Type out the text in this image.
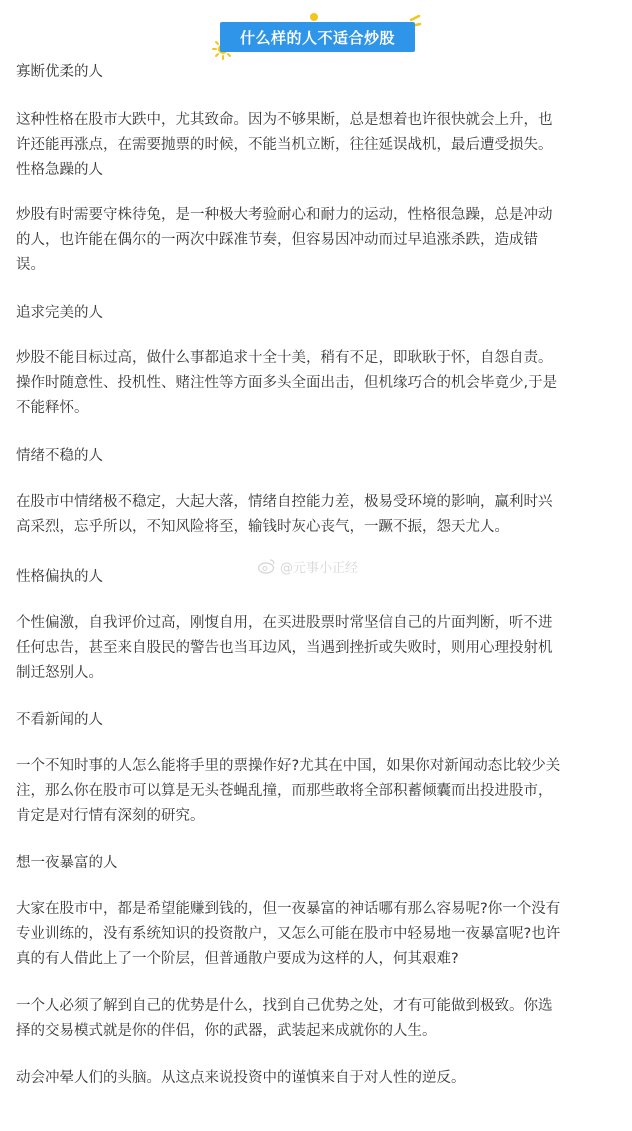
什么样的人不适合炒股
寡断优柔的人
这种性格在股市大跌中，尤其致命。因为不够果断，总是想着也许很快就会上升，也
许还能再涨点，在需要抛票的时候，不能当机立断，往往延误战机，最后遭受损失。
性格急躁的人
炒股有时需要守株待兔，是一种极大考验耐心和耐力的运动，性格很急躁，总是冲动
的人，也许能在偶尔的一两次中踩准节奏，但容易因冲动而过早追涨杀跌，造成错
误。
追求完美的人
炒股不能目标过高，做什么事都追求十全十美，稍有不足，即耿耿于怀，自怨自责。
操作时随意性、投机性、赌注性等方面多头全面出击，但机缘巧合的机会毕竟少,于是
不能释怀。
情绪不稳的人
在股市中情绪极不稳定，大起大落，情绪自控能力差，极易受环境的影响，赢利时兴
高采烈，忘乎所以，不知风险将至，输钱时灰心丧气，一蹶不振，怨天尤人。
性格偏执的人
个性偏激，自我评价过高，刚愎自用，在买进股票时常坚信自己的片面判断，听不进
任何忠告，甚至来自股民的警告也当耳边风，当遇到挫折或失败时，则用心理投射机
制迁怒别人。
不看新闻的人
一个不知时事的人怎么能将手里的票操作好?尤其在中国，如果你对新闻动态比较少关
注，那么你在股市可以算是无头苍蝇乱撞，而那些敢将全部积蓄倾囊而出投进股市，
肯定是对行情有深刻的研究。
想一夜暴富的人
大家在股市中，都是希望能赚到钱的，但一夜暴富的神话哪有那么容易呢?你一个没有
专业训练的，没有系统知识的投资散户，又怎么可能在股市中轻易地一夜暴富呢?也许
真的有人借此上了一个阶层，但普通散户要成为这样的人，何其艰难?
一个人必须了解到自己的优势是什么，找到自己优势之处，才有可能做到极致。你选
择的交易模式就是你的伴侣，你的武器，武装起来成就你的人生。
动会冲晕人们的头脑。从这点来说投资中的谨慎来自于对人性的逆反。
@元事小正经
